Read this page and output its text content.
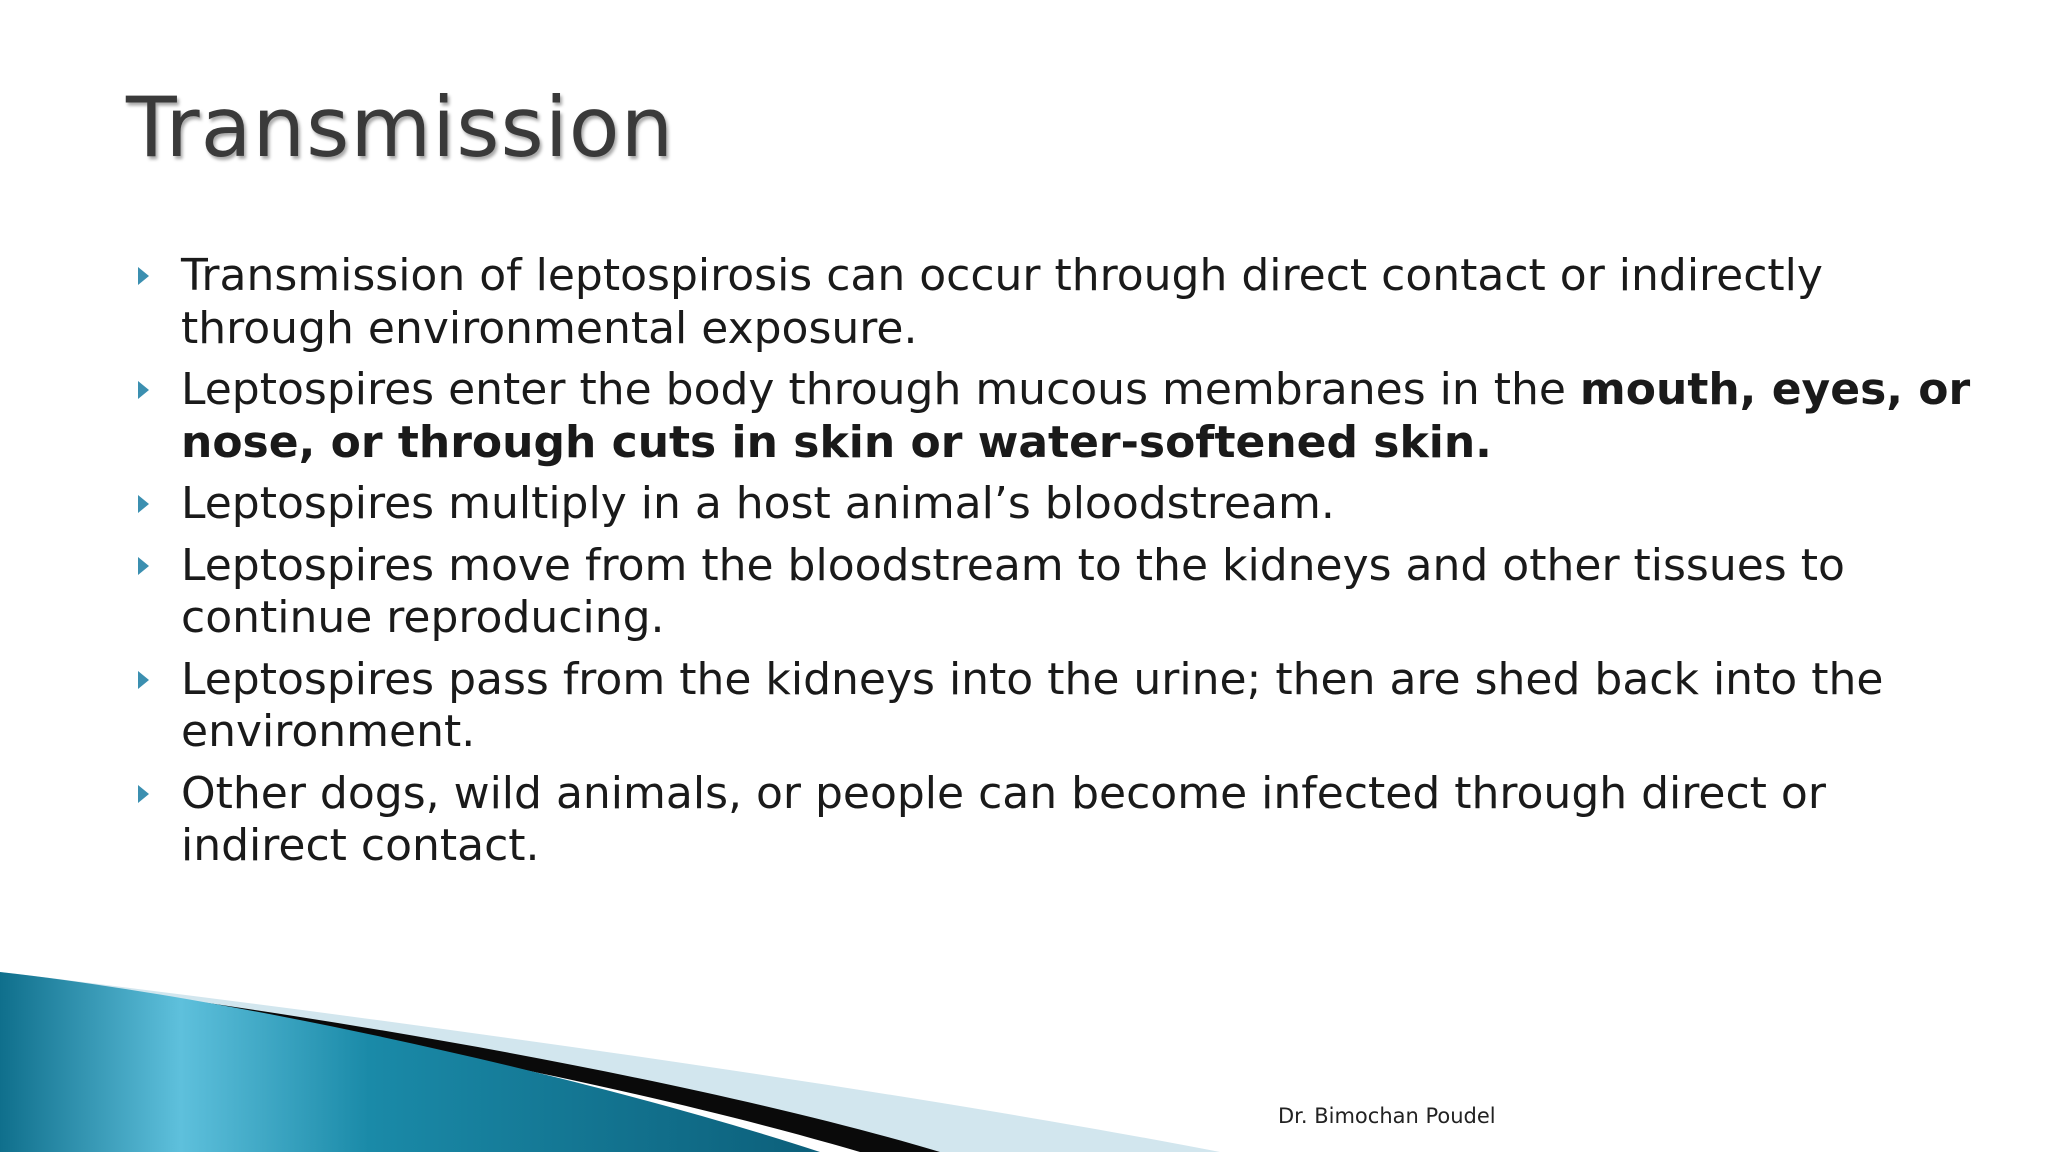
Transmission
Transmission of leptospirosis can occur through direct contact or indirectly through environmental exposure.
Leptospires enter the body through mucous membranes in the mouth, eyes, or nose, or through cuts in skin or water-softened skin.
Leptospires multiply in a host animal’s bloodstream.
Leptospires move from the bloodstream to the kidneys and other tissues to continue reproducing.
Leptospires pass from the kidneys into the urine; then are shed back into the environment.
Other dogs, wild animals, or people can become infected through direct or indirect contact.
Dr. Bimochan Poudel
